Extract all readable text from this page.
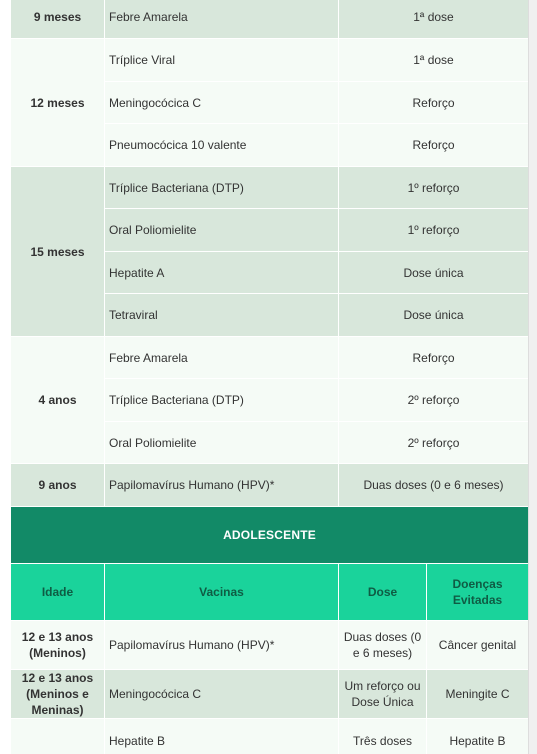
9 meses	Febre Amarela	1ª dose
12 meses	Tríplice Viral	1ª dose
	Meningocócica C	Reforço
	Pneumocócica 10 valente	Reforço
15 meses	Tríplice Bacteriana (DTP)	1º reforço
	Oral Poliomielite	1º reforço
	Hepatite A	Dose única
	Tetraviral	Dose única
4 anos	Febre Amarela	Reforço
	Tríplice Bacteriana (DTP)	2º reforço
	Oral Poliomielite	2º reforço
9 anos	Papilomavírus Humano (HPV)*	Duas doses (0 e 6 meses)
ADOLESCENTE			
Idade	Vacinas	Dose	Doenças Evitadas
12 e 13 anos (Meninos)	Papilomavírus Humano (HPV)*	Duas doses (0 e 6 meses)	Câncer genital
12 e 13 anos (Meninos e Meninas)	Meningocócica C	Um reforço ou Dose Única	Meningite C
	Hepatite B	Três doses	Hepatite B
